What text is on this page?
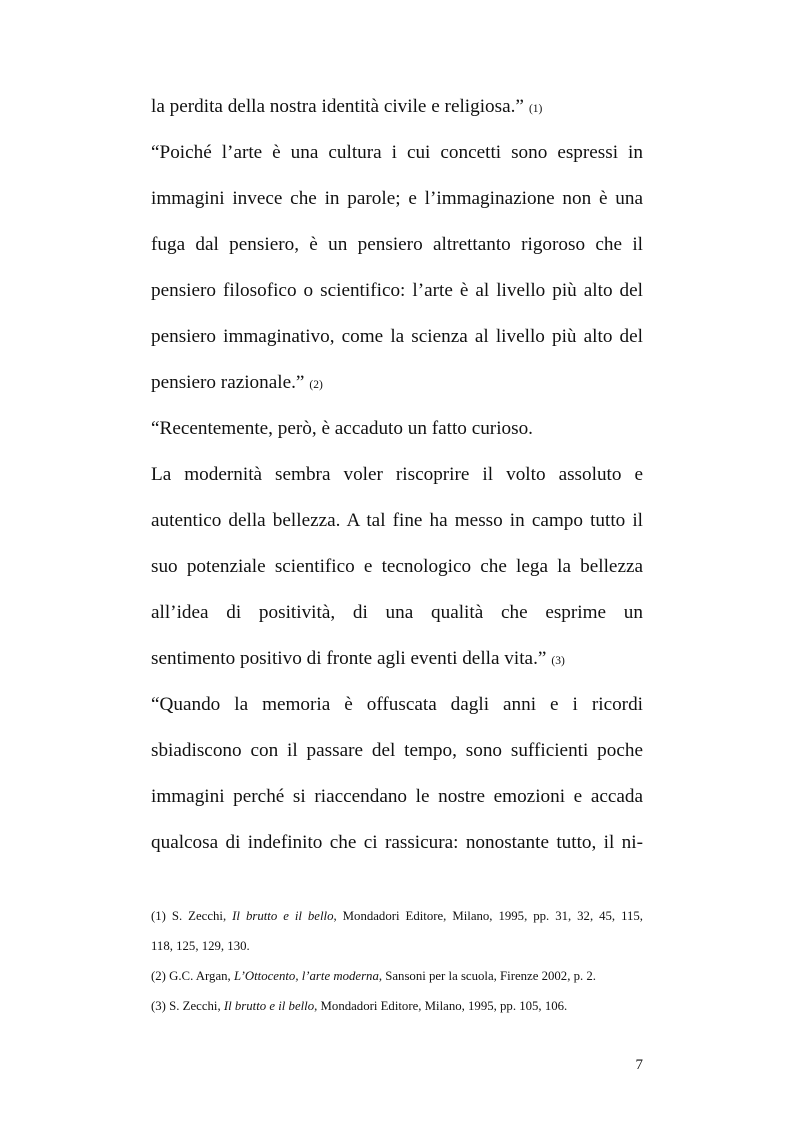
la perdita della nostra identità civile e religiosa.” (1)
“Poiché l’arte è una cultura i cui concetti sono espressi in
immagini invece che in parole; e l’immaginazione non è una
fuga dal pensiero, è un pensiero altrettanto rigoroso che il
pensiero filosofico o scientifico: l’arte è al livello più alto del
pensiero immaginativo, come la scienza al livello più alto del
pensiero razionale.” (2)
“Recentemente, però, è accaduto un fatto curioso.
La modernità sembra voler riscoprire il volto assoluto e
autentico della bellezza. A tal fine ha messo in campo tutto il
suo potenziale scientifico e tecnologico che lega la bellezza
all’idea di positività, di una qualità che esprime un
sentimento positivo di fronte agli eventi della vita.” (3)
“Quando la memoria è offuscata dagli anni e i ricordi
sbiadiscono con il passare del tempo, sono sufficienti poche
immagini perché si riaccendano le nostre emozioni e accada
qualcosa di indefinito che ci rassicura: nonostante tutto, il ni-
(1) S. Zecchi, Il brutto e il bello, Mondadori Editore, Milano, 1995, pp. 31, 32, 45, 115,
118, 125, 129, 130.
(2) G.C. Argan, L’Ottocento, l’arte moderna, Sansoni per la scuola, Firenze 2002, p. 2.
(3) S. Zecchi, Il brutto e il bello, Mondadori Editore, Milano, 1995, pp. 105, 106.
7
